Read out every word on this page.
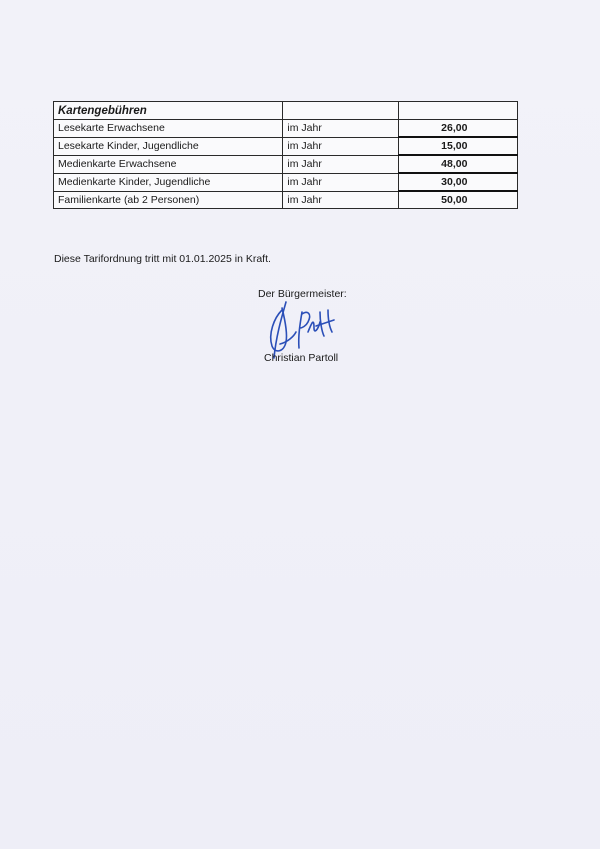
Kartengebühren		
Lesekarte Erwachsene	im Jahr	26,00
Lesekarte Kinder, Jugendliche	im Jahr	15,00
Medienkarte Erwachsene	im Jahr	48,00
Medienkarte Kinder, Jugendliche	im Jahr	30,00
Familienkarte (ab 2 Personen)	im Jahr	50,00
Diese Tarifordnung tritt mit 01.01.2025 in Kraft.
Der Bürgermeister:
Christian Partoll
